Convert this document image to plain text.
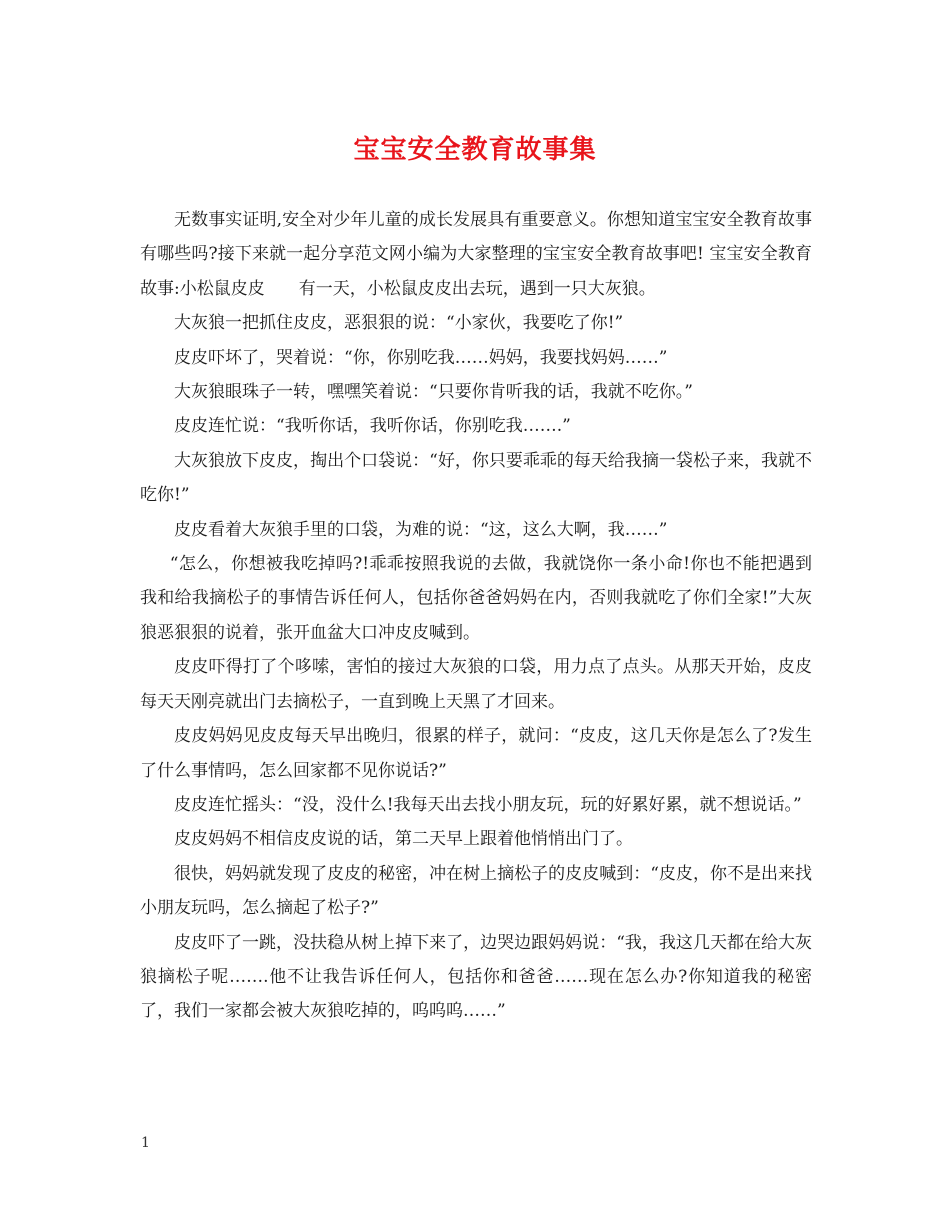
宝宝安全教育故事集

无数事实证明,安全对少年儿童的成长发展具有重要意义。你想知道宝宝安全教育故事有哪些吗?接下来就一起分享范文网小编为大家整理的宝宝安全教育故事吧! 宝宝安全教育故事:小松鼠皮皮　　有一天，小松鼠皮皮出去玩，遇到一只大灰狼。

大灰狼一把抓住皮皮，恶狠狠的说：“小家伙，我要吃了你!”

皮皮吓坏了，哭着说：“你，你别吃我……妈妈，我要找妈妈……”

大灰狼眼珠子一转，嘿嘿笑着说：“只要你肯听我的话，我就不吃你。”

皮皮连忙说：“我听你话，我听你话，你别吃我…….”

大灰狼放下皮皮，掏出个口袋说：“好，你只要乖乖的每天给我摘一袋松子来，我就不吃你!”

皮皮看着大灰狼手里的口袋，为难的说：“这，这么大啊，我……”

“怎么，你想被我吃掉吗?!乖乖按照我说的去做，我就饶你一条小命!你也不能把遇到我和给我摘松子的事情告诉任何人，包括你爸爸妈妈在内，否则我就吃了你们全家!”大灰狼恶狠狠的说着，张开血盆大口冲皮皮喊到。

皮皮吓得打了个哆嗦，害怕的接过大灰狼的口袋，用力点了点头。从那天开始，皮皮每天天刚亮就出门去摘松子，一直到晚上天黑了才回来。

皮皮妈妈见皮皮每天早出晚归，很累的样子，就问：“皮皮，这几天你是怎么了?发生了什么事情吗，怎么回家都不见你说话?”

皮皮连忙摇头：“没，没什么!我每天出去找小朋友玩，玩的好累好累，就不想说话。”

皮皮妈妈不相信皮皮说的话，第二天早上跟着他悄悄出门了。

很快，妈妈就发现了皮皮的秘密，冲在树上摘松子的皮皮喊到：“皮皮，你不是出来找小朋友玩吗，怎么摘起了松子?”

皮皮吓了一跳，没扶稳从树上掉下来了，边哭边跟妈妈说：“我，我这几天都在给大灰狼摘松子呢…….他不让我告诉任何人，包括你和爸爸……现在怎么办?你知道我的秘密了，我们一家都会被大灰狼吃掉的，呜呜呜……”

1
